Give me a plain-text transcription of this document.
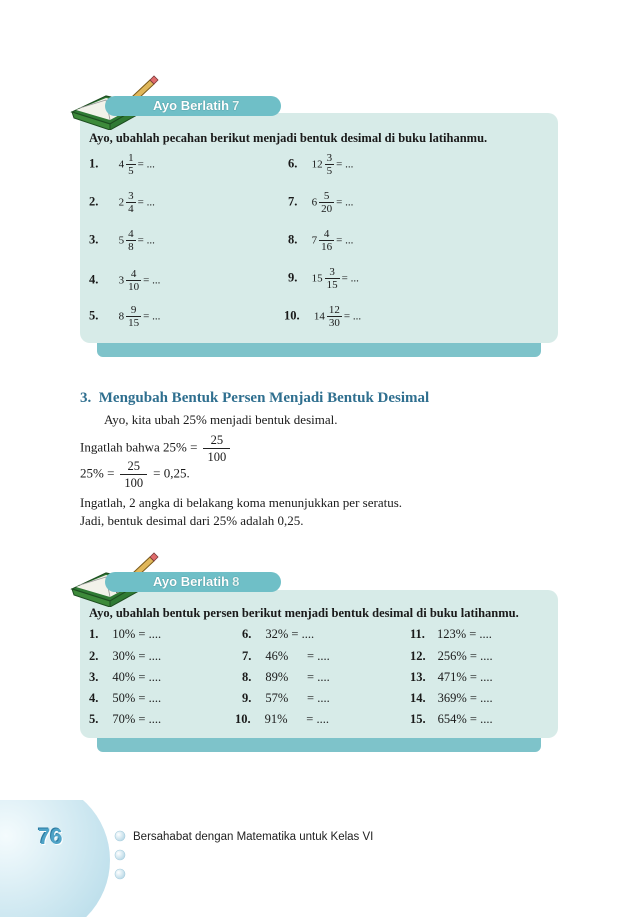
Ayo Berlatih 7
Ayo, ubahlah pecahan berikut menjadi bentuk desimal di buku latihanmu.
1. $4 \frac{1}{5}$ = ...
2. $2 \frac{3}{4}$ = ...
3. $5 \frac{4}{8}$ = ...
4. $3 \frac{4}{10}$ = ...
5. $8 \frac{9}{15}$ = ...
6. $12 \frac{3}{5}$ = ...
7. $6 \frac{5}{20}$ = ...
8. $7 \frac{4}{16}$ = ...
9. $15 \frac{3}{15}$ = ...
10. $14 \frac{12}{30}$ = ...
3.  Mengubah Bentuk Persen Menjadi Bentuk Desimal
Ayo, kita ubah 25% menjadi bentuk desimal.
Ingatlah bahwa $25\% = \frac{25}{100}$
$25\% = \frac{25}{100} = 0,25$.
Ingatlah, 2 angka di belakang koma menunjukkan per seratus.
Jadi, bentuk desimal dari 25% adalah 0,25.
Ayo Berlatih 8
Ayo, ubahlah bentuk persen berikut menjadi bentuk desimal di buku latihanmu.
1. 10% = ....
2. 30% = ....
3. 40% = ....
4. 50% = ....
5. 70% = ....
6. 32% = ....
7. 46%      = ....
8. 89%      = ....
9. 57%      = ....
10. 91%      = ....
11. 123% = ....
12. 256% = ....
13. 471% = ....
14. 369% = ....
15. 654% = ....
76	Bersahabat dengan Matematika untuk Kelas VI
